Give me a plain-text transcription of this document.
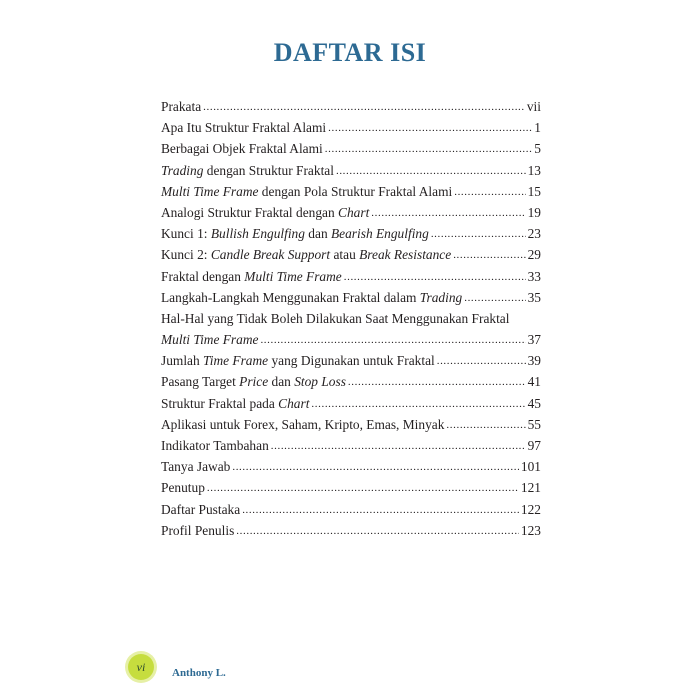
DAFTAR ISI
Prakata .....	vii
Apa Itu Struktur Fraktal Alami .....	1
Berbagai Objek Fraktal Alami .....	5
Trading dengan Struktur Fraktal .....	13
Multi Time Frame dengan Pola Struktur Fraktal Alami .....	15
Analogi Struktur Fraktal dengan Chart .....	19
Kunci 1: Bullish Engulfing dan Bearish Engulfing .....	23
Kunci 2: Candle Break Support atau Break Resistance .....	29
Fraktal dengan Multi Time Frame .....	33
Langkah-Langkah Menggunakan Fraktal dalam Trading .....	35
Hal-Hal yang Tidak Boleh Dilakukan Saat Menggunakan Fraktal
Multi Time Frame .....	37
Jumlah Time Frame yang Digunakan untuk Fraktal .....	39
Pasang Target Price dan Stop Loss .....	41
Struktur Fraktal pada Chart .....	45
Aplikasi untuk Forex, Saham, Kripto, Emas, Minyak .....	55
Indikator Tambahan .....	97
Tanya Jawab .....	101
Penutup .....	121
Daftar Pustaka .....	122
Profil Penulis .....	123
vi	Anthony L.
